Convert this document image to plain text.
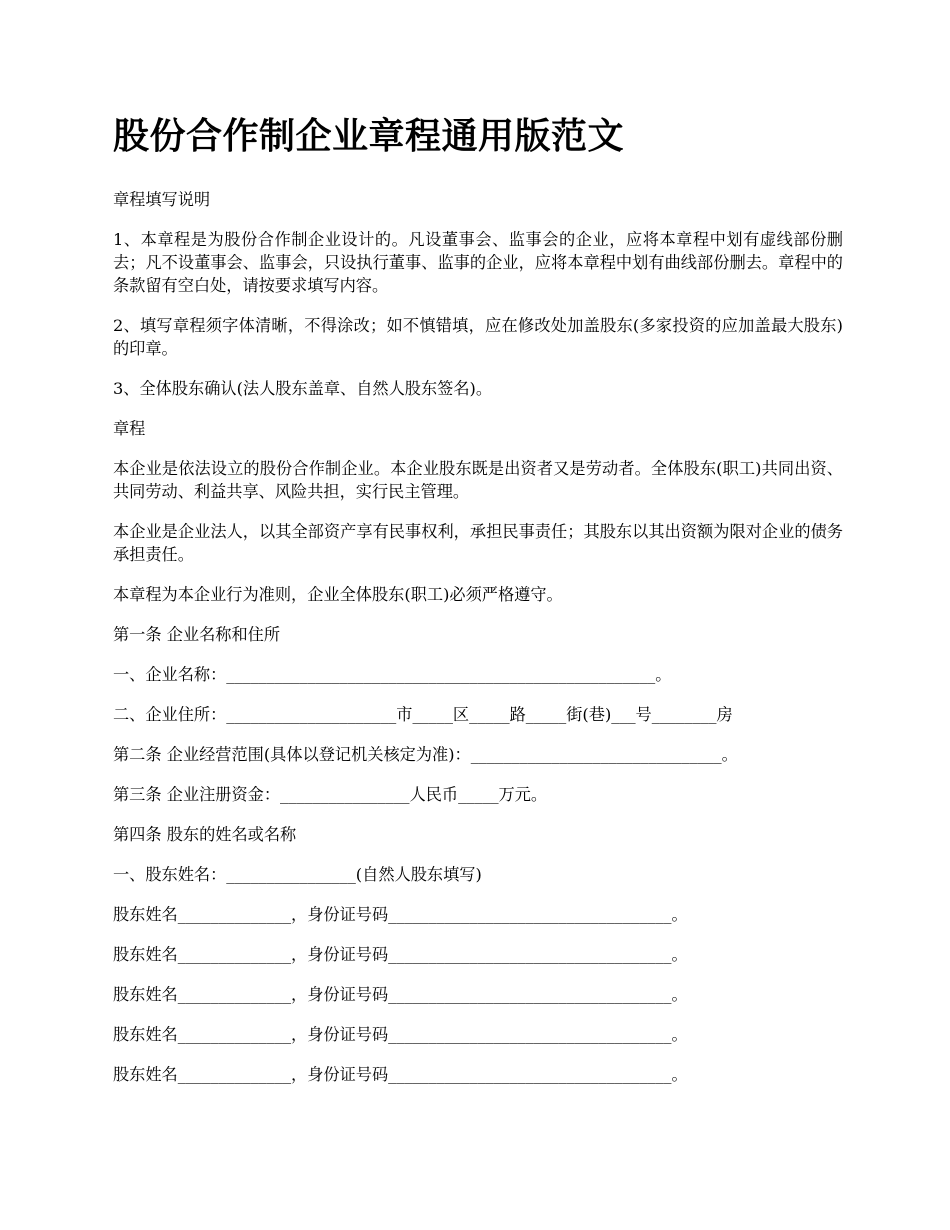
股份合作制企业章程通用版范文

章程填写说明

1、本章程是为股份合作制企业设计的。凡设董事会、监事会的企业，应将本章程中划有虚线部份删去；凡不设董事会、监事会，只设执行董事、监事的企业，应将本章程中划有曲线部份删去。章程中的条款留有空白处，请按要求填写内容。

2、填写章程须字体清晰，不得涂改；如不慎错填，应在修改处加盖股东(多家投资的应加盖最大股东)的印章。

3、全体股东确认(法人股东盖章、自然人股东签名)。

章程

本企业是依法设立的股份合作制企业。本企业股东既是出资者又是劳动者。全体股东(职工)共同出资、共同劳动、利益共享、风险共担，实行民主管理。

本企业是企业法人，以其全部资产享有民事权利，承担民事责任；其股东以其出资额为限对企业的债务承担责任。

本章程为本企业行为准则，企业全体股东(职工)必须严格遵守。

第一条 企业名称和住所

一、企业名称：_____________________________________________________。

二、企业住所：_____________________市_____区_____路_____街(巷)___号________房

第二条 企业经营范围(具体以登记机关核定为准)：_______________________________。

第三条 企业注册资金：________________人民币_____万元。

第四条 股东的姓名或名称

一、股东姓名：________________(自然人股东填写)

股东姓名______________，身份证号码___________________________________。

股东姓名______________，身份证号码___________________________________。

股东姓名______________，身份证号码___________________________________。

股东姓名______________，身份证号码___________________________________。

股东姓名______________，身份证号码___________________________________。
